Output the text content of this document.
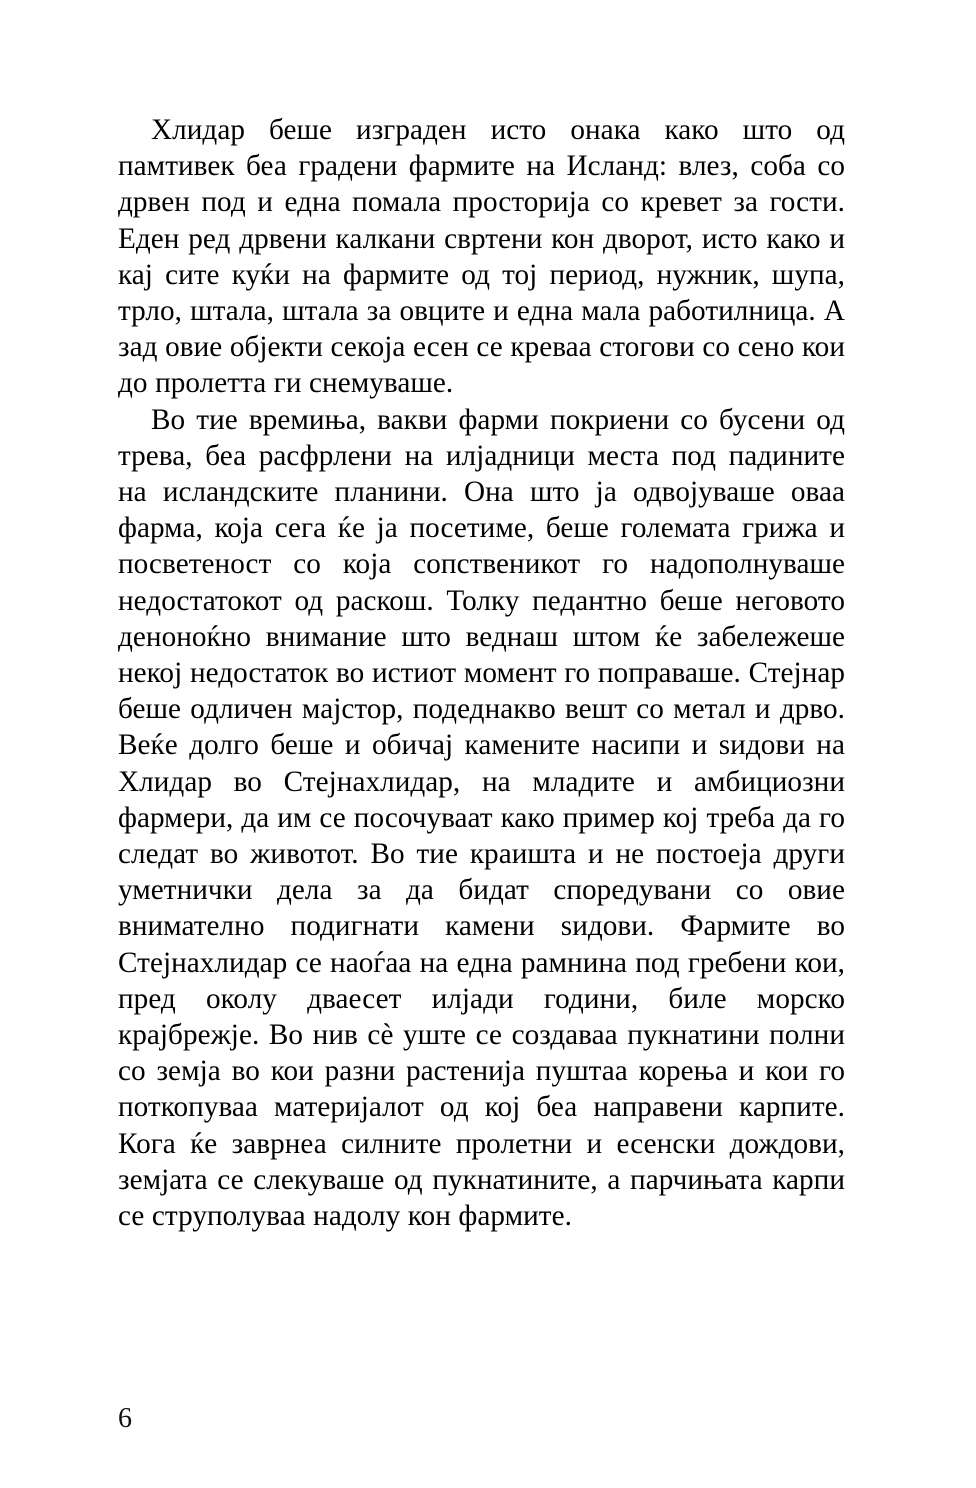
Хлидар беше изграден исто онака како што од памтивек беа градени фармите на Исланд: влез, соба со дрвен под и една помала просторија со кревет за гости. Еден ред дрвени калкани свртени кон дворот, исто како и кај сите куќи на фармите од тој период, нужник, шупа, трло, штала, штала за овците и една мала работилница. А зад овие објекти секоја есен се креваа стогови со сено кои до пролетта ги снемуваше.

Во тие времиња, вакви фарми покриени со бусени од трева, беа расфрлени на илјадници места под падините на исландските планини. Она што ја одвојуваше оваа фарма, која сега ќе ја посетиме, беше големата грижа и посветеност со која сопственикот го надополнуваше недостатокот од раскош. Толку педантно беше неговото деноноќно внимание што веднаш штом ќе забележеше некој недостаток во истиот момент го поправаше. Стејнар беше одличен мајстор, подеднакво вешт со метал и дрво. Веќе долго беше и обичај камените насипи и ѕидови на Хлидар во Стејнахлидар, на младите и амбициозни фармери, да им се посочуваат како пример кој треба да го следат во животот. Во тие краишта и не постоеја други уметнички дела за да бидат споредувани со овие внимателно подигнати камени ѕидови. Фармите во Стејнахлидар се наоѓаа на една рамнина под гребени кои, пред околу дваесет илјади години, биле морско крајбрежје. Во нив сѐ уште се создаваа пукнатини полни со земја во кои разни растенија пуштаа корења и кои го поткопуваа материјалот од кој беа направени карпите. Кога ќе заврнеа силните пролетни и есенски дождови, земјата се слекуваше од пукнатините, а парчињата карпи се струполуваа надолу кон фармите.

6
